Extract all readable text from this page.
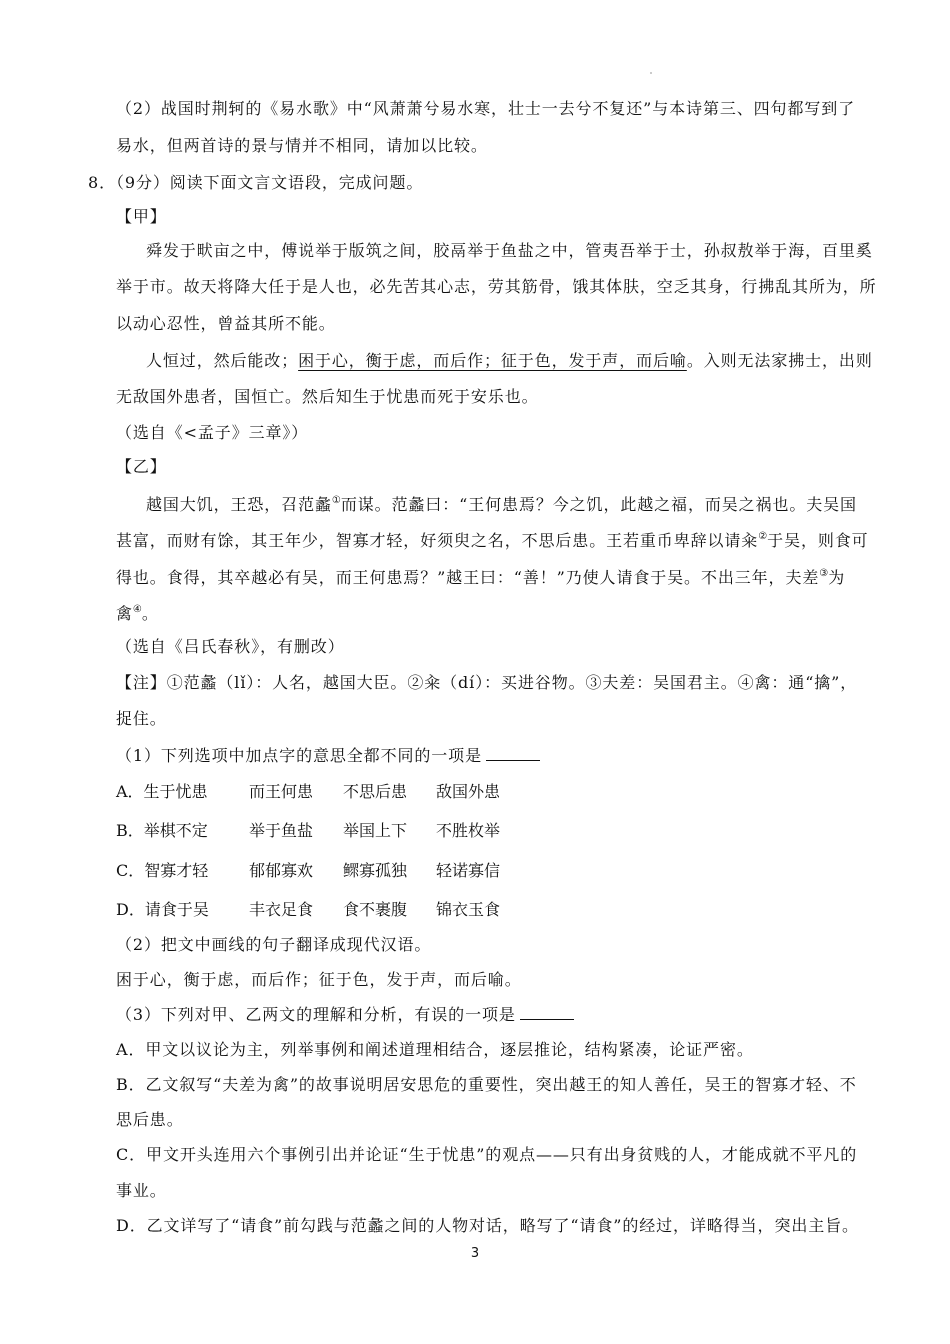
（2）战国时荆轲的《易水歌》中“风萧萧兮易水寒，壮士一去兮不复还”与本诗第三、四句都写到了
易水，但两首诗的景与情并不相同，请加以比较。
8．（9分）阅读下面文言文语段，完成问题。
【甲】
舜发于畎亩之中，傅说举于版筑之间，胶鬲举于鱼盐之中，管夷吾举于士，孙叔敖举于海，百里奚
举于市。故天将降大任于是人也，必先苦其心志，劳其筋骨，饿其体肤，空乏其身，行拂乱其所为，所
以动心忍性，曾益其所不能。
人恒过，然后能改；困于心，衡于虑，而后作；征于色，发于声，而后喻。入则无法家拂士，出则
无敌国外患者，国恒亡。然后知生于忧患而死于安乐也。
（选自《<孟子》三章》）
【乙】
越国大饥，王恐，召范蠡①而谋。范蠡曰：“王何患焉？今之饥，此越之福，而吴之祸也。夫吴国
甚富，而财有馀，其王年少，智寡才轻，好须臾之名，不思后患。王若重币卑辞以请籴②于吴，则食可
得也。食得，其卒越必有吴，而王何患焉？”越王曰：“善！”乃使人请食于吴。不出三年，夫差③为
禽④。
（选自《吕氏春秋》，有删改）
【注】①范蠡（lǐ）：人名，越国大臣。②籴（dí）：买进谷物。③夫差：吴国君主。④禽：通“擒”，
捉住。
（1）下列选项中加点字的意思全都不同的一项是
A．生于忧患	而王何患 不思后患 敌国外患
B．举棋不定	举于鱼盐 举国上下 不胜枚举
C．智寡才轻	郁郁寡欢 鳏寡孤独 轻诺寡信
D．请食于吴	丰衣足食 食不裹腹 锦衣玉食
（2）把文中画线的句子翻译成现代汉语。
困于心，衡于虑，而后作；征于色，发于声，而后喻。
（3）下列对甲、乙两文的理解和分析，有误的一项是
A．甲文以议论为主，列举事例和阐述道理相结合，逐层推论，结构紧凑，论证严密。
B．乙文叙写“夫差为禽”的故事说明居安思危的重要性，突出越王的知人善任，吴王的智寡才轻、不
思后患。
C．甲文开头连用六个事例引出并论证“生于忧患”的观点——只有出身贫贱的人，才能成就不平凡的
事业。
D．乙文详写了“请食”前勾践与范蠡之间的人物对话，略写了“请食”的经过，详略得当，突出主旨。
3
